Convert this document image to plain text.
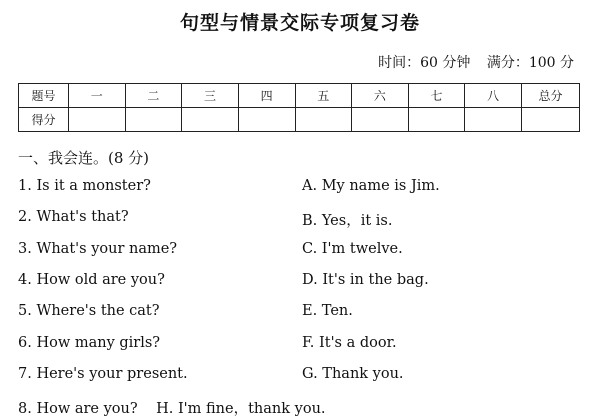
句型与情景交际专项复习卷
时间：60 分钟 满分：100 分
题号	一	二	三	四	五	六	七	八	总分
得分									
一、我会连。(8 分)
1. Is it a monster?
2. What's that?
3. What's your name?
4. How old are you?
5. Where's the cat?
6. How many girls?
7. Here's your present.
8. How are you?    H. I'm fine，thank you.
A. My name is Jim.
B. Yes，it is.
C. I'm twelve.
D. It's in the bag.
E. Ten.
F. It's a door.
G. Thank you.
